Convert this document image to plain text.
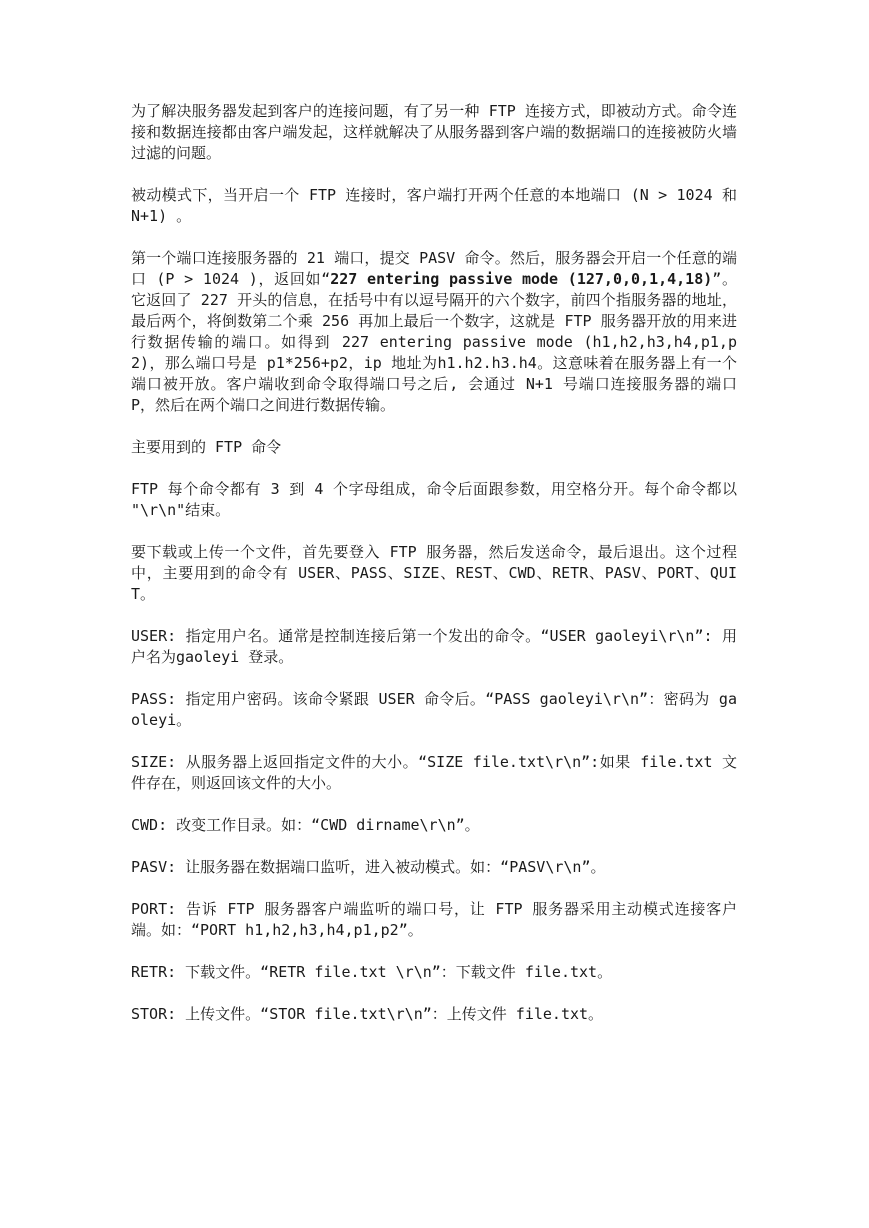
为了解决服务器发起到客户的连接问题，有了另一种 FTP 连接方式，即被动方式。命令连接和数据连接都由客户端发起，这样就解决了从服务器到客户端的数据端口的连接被防火墙过滤的问题。

被动模式下，当开启一个 FTP 连接时，客户端打开两个任意的本地端口 (N > 1024 和 N+1) 。

第一个端口连接服务器的 21 端口，提交 PASV 命令。然后，服务器会开启一个任意的端口 (P > 1024 )，返回如“227 entering passive mode (127,0,0,1,4,18)”。 它返回了 227 开头的信息，在括号中有以逗号隔开的六个数字，前四个指服务器的地址，最后两个，将倒数第二个乘 256 再加上最后一个数字，这就是 FTP 服务器开放的用来进行数据传输的端口。如得到 227 entering passive mode (h1,h2,h3,h4,p1,p2)，那么端口号是 p1*256+p2，ip 地址为h1.h2.h3.h4。这意味着在服务器上有一个端口被开放。客户端收到命令取得端口号之后, 会通过 N+1 号端口连接服务器的端口 P，然后在两个端口之间进行数据传输。

主要用到的 FTP 命令

FTP 每个命令都有 3 到 4 个字母组成，命令后面跟参数，用空格分开。每个命令都以 "\r\n"结束。

要下载或上传一个文件，首先要登入 FTP 服务器，然后发送命令，最后退出。这个过程中，主要用到的命令有 USER、PASS、SIZE、REST、CWD、RETR、PASV、PORT、QUIT。

USER: 指定用户名。通常是控制连接后第一个发出的命令。“USER gaoleyi\r\n”: 用户名为gaoleyi 登录。

PASS: 指定用户密码。该命令紧跟 USER 命令后。“PASS gaoleyi\r\n”：密码为 gaoleyi。

SIZE: 从服务器上返回指定文件的大小。“SIZE file.txt\r\n”:如果 file.txt 文件存在，则返回该文件的大小。

CWD: 改变工作目录。如：“CWD dirname\r\n”。

PASV: 让服务器在数据端口监听，进入被动模式。如：“PASV\r\n”。

PORT: 告诉 FTP 服务器客户端监听的端口号，让 FTP 服务器采用主动模式连接客户端。如：“PORT h1,h2,h3,h4,p1,p2”。

RETR: 下载文件。“RETR file.txt \r\n”：下载文件 file.txt。

STOR: 上传文件。“STOR file.txt\r\n”：上传文件 file.txt。
